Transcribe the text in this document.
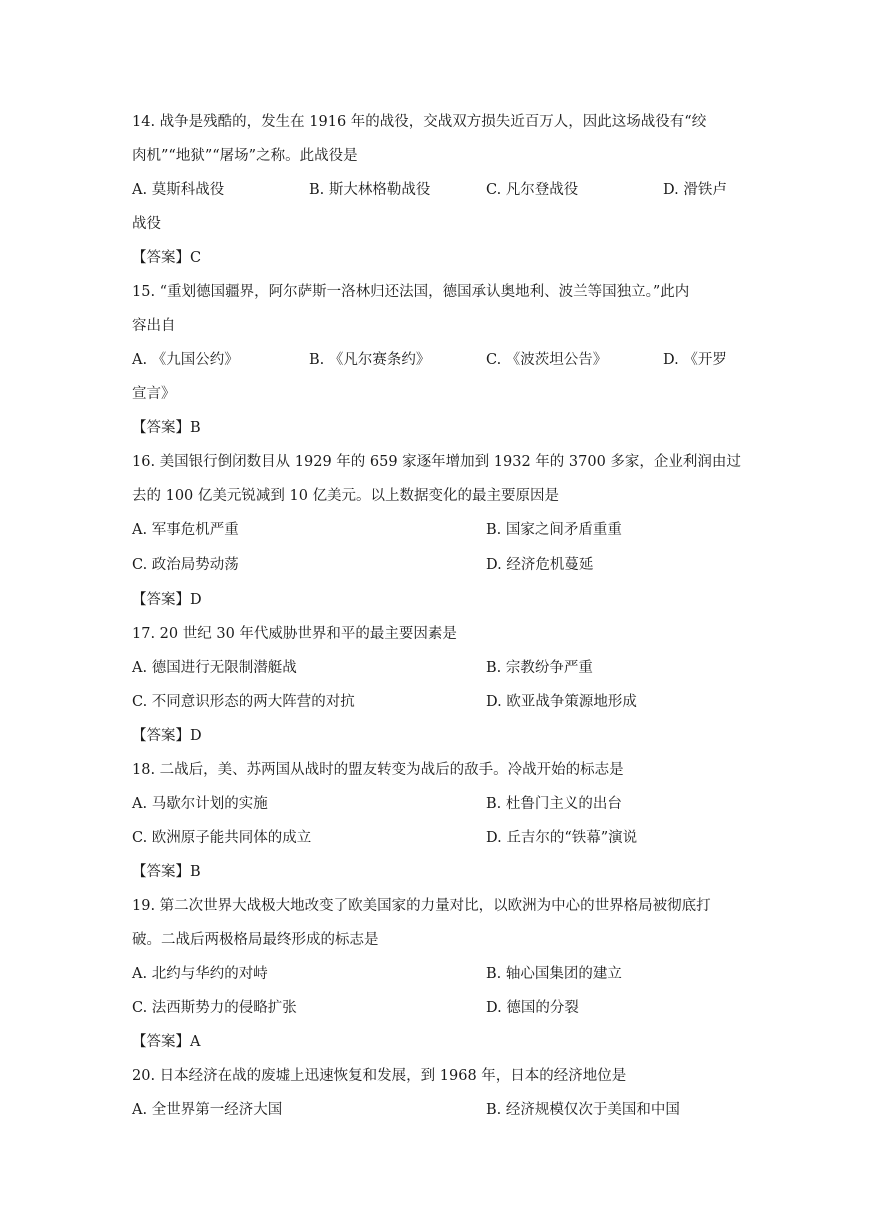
14. 战争是残酷的，发生在 1916 年的战役，交战双方损失近百万人，因此这场战役有“绞
肉机”“地狱”“屠场”之称。此战役是
A. 莫斯科战役	B. 斯大林格勒战役	C. 凡尔登战役	D. 滑铁卢
战役
【答案】C
15. “重划德国疆界，阿尔萨斯一洛林归还法国，德国承认奥地利、波兰等国独立。”此内
容出自
A. 《九国公约》	B. 《凡尔赛条约》	C. 《波茨坦公告》	D. 《开罗
宣言》
【答案】B
16. 美国银行倒闭数目从 1929 年的 659 家逐年增加到 1932 年的 3700 多家，企业利润由过
去的 100 亿美元锐减到 10 亿美元。以上数据变化的最主要原因是
A. 军事危机严重	B. 国家之间矛盾重重
C. 政治局势动荡	D. 经济危机蔓延
【答案】D
17. 20 世纪 30 年代威胁世界和平的最主要因素是
A. 德国进行无限制潜艇战	B. 宗教纷争严重
C. 不同意识形态的两大阵营的对抗	D. 欧亚战争策源地形成
【答案】D
18. 二战后，美、苏两国从战时的盟友转变为战后的敌手。冷战开始的标志是
A. 马歇尔计划的实施	B. 杜鲁门主义的出台
C. 欧洲原子能共同体的成立	D. 丘吉尔的“铁幕”演说
【答案】B
19. 第二次世界大战极大地改变了欧美国家的力量对比，以欧洲为中心的世界格局被彻底打
破。二战后两极格局最终形成的标志是
A. 北约与华约的对峙	B. 轴心国集团的建立
C. 法西斯势力的侵略扩张	D. 德国的分裂
【答案】A
20. 日本经济在战的废墟上迅速恢复和发展，到 1968 年，日本的经济地位是
A. 全世界第一经济大国	B. 经济规模仅次于美国和中国
